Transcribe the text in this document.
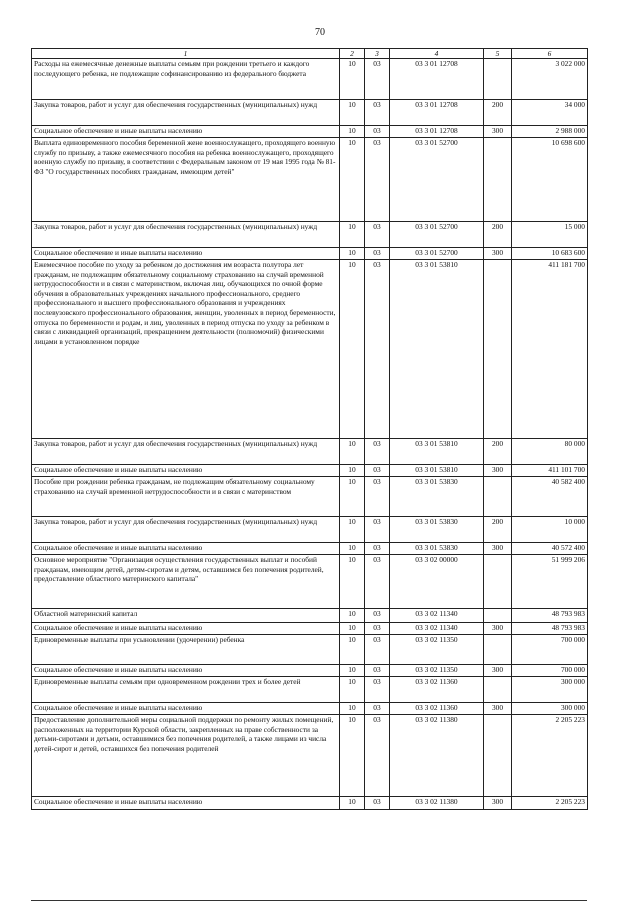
70
1	2	3	4	5	6
Расходы на ежемесячные денежные выплаты семьям при рождении третьего и каждого последующего ребенка, не подлежащие софинансированию из федерального бюджета	10	03	03 3 01 12708		3 022 000
Закупка товаров, работ и услуг для обеспечения государственных (муниципальных) нужд	10	03	03 3 01 12708	200	34 000
Социальное обеспечение и иные выплаты населению	10	03	03 3 01 12708	300	2 988 000
Выплата единовременного пособия беременной жене военнослужащего, проходящего военную службу по призыву, а также ежемесячного пособия на ребенка военнослужащего, проходящего военную службу по призыву, в соответствии с Федеральным законом от 19 мая 1995 года № 81-ФЗ "О государственных пособиях гражданам, имеющим детей"	10	03	03 3 01 52700		10 698 600
Закупка товаров, работ и услуг для обеспечения государственных (муниципальных) нужд	10	03	03 3 01 52700	200	15 000
Социальное обеспечение и иные выплаты населению	10	03	03 3 01 52700	300	10 683 600
Ежемесячное пособие по уходу за ребенком до достижения им возраста полутора лет гражданам, не подлежащим обязательному социальному страхованию на случай временной нетрудоспособности и в связи с материнством, включая лиц, обучающихся по очной форме обучения в образовательных учреждениях начального профессионального, среднего профессионального и высшего профессионального образования и учреждениях послевузовского профессионального образования, женщин, уволенных в период беременности, отпуска по беременности и родам, и лиц, уволенных в период отпуска по уходу за ребенком в связи с ликвидацией организаций, прекращением деятельности (полномочий) физическими лицами в установленном порядке	10	03	03 3 01 53810		411 181 700
Закупка товаров, работ и услуг для обеспечения государственных (муниципальных) нужд	10	03	03 3 01 53810	200	80 000
Социальное обеспечение и иные выплаты населению	10	03	03 3 01 53810	300	411 101 700
Пособие при рождении ребенка гражданам, не подлежащим обязательному социальному страхованию на случай временной нетрудоспособности и в связи с материнством	10	03	03 3 01 53830		40 582 400
Закупка товаров, работ и услуг для обеспечения государственных (муниципальных) нужд	10	03	03 3 01 53830	200	10 000
Социальное обеспечение и иные выплаты населению	10	03	03 3 01 53830	300	40 572 400
Основное мероприятие "Организация осуществления государственных выплат и пособий гражданам, имеющим детей, детям-сиротам и детям, оставшимся без попечения родителей, предоставление областного материнского капитала"	10	03	03 3 02 00000		51 999 206
Областной материнский капитал	10	03	03 3 02 11340		48 793 983
Социальное обеспечение и иные выплаты населению	10	03	03 3 02 11340	300	48 793 983
Единовременные выплаты при усыновлении (удочерении) ребенка	10	03	03 3 02 11350		700 000
Социальное обеспечение и иные выплаты населению	10	03	03 3 02 11350	300	700 000
Единовременные выплаты семьям при одновременном рождении трех и более детей	10	03	03 3 02 11360		300 000
Социальное обеспечение и иные выплаты населению	10	03	03 3 02 11360	300	300 000
Предоставление дополнительной меры социальной поддержки по ремонту жилых помещений, расположенных на территории Курской области, закрепленных на праве собственности за детьми-сиротами и детьми, оставшимися без попечения родителей, а также лицами из числа детей-сирот и детей, оставшихся без попечения родителей	10	03	03 3 02 11380		2 205 223
Социальное обеспечение и иные выплаты населению	10	03	03 3 02 11380	300	2 205 223
